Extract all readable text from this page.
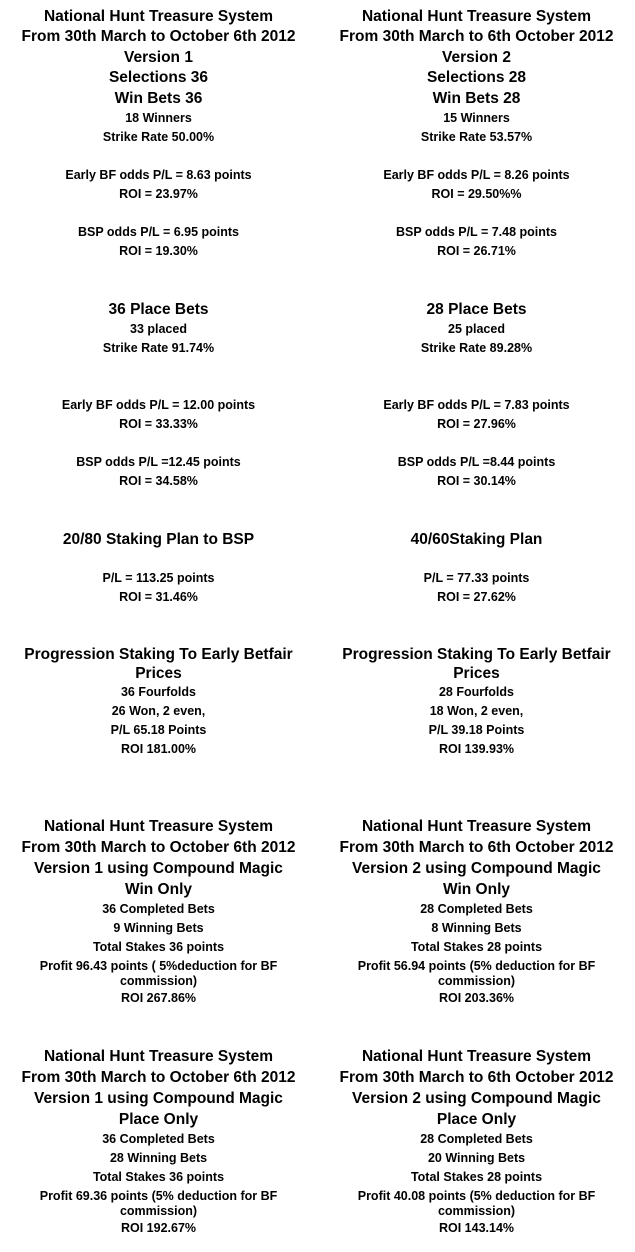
National Hunt Treasure System
From 30th March to October 6th 2012
Version 1
Selections 36
Win Bets 36
18 Winners
Strike Rate 50.00%
Early BF odds P/L = 8.63 points
ROI = 23.97%
BSP odds P/L = 6.95 points
ROI = 19.30%
36 Place Bets
33 placed
Strike Rate 91.74%
Early BF odds P/L = 12.00 points
ROI = 33.33%
BSP odds P/L =12.45 points
ROI = 34.58%
20/80 Staking Plan to BSP
P/L = 113.25 points
ROI = 31.46%
Progression Staking To Early Betfair
Prices
36 Fourfolds
26 Won, 2 even,
P/L 65.18 Points
ROI 181.00%
National Hunt Treasure System
From 30th March to October 6th 2012
Version 1 using Compound Magic
Win Only
36 Completed Bets
9 Winning Bets
Total Stakes 36 points
Profit 96.43 points ( 5%deduction for BF
commission)
ROI 267.86%
National Hunt Treasure System
From 30th March to October 6th 2012
Version 1 using Compound Magic
Place Only
36 Completed Bets
28 Winning Bets
Total Stakes 36 points
Profit 69.36 points (5% deduction for BF
commission)
ROI 192.67%
National Hunt Treasure System
From 30th March to 6th October 2012
Version 2
Selections 28
Win Bets 28
15 Winners
Strike Rate 53.57%
Early BF odds P/L = 8.26 points
ROI = 29.50%%
BSP odds P/L = 7.48 points
ROI = 26.71%
28 Place Bets
25 placed
Strike Rate 89.28%
Early BF odds P/L = 7.83 points
ROI = 27.96%
BSP odds P/L =8.44 points
ROI = 30.14%
40/60Staking Plan
P/L = 77.33 points
ROI = 27.62%
Progression Staking To Early Betfair
Prices
28 Fourfolds
18 Won, 2 even,
P/L 39.18 Points
ROI 139.93%
National Hunt Treasure System
From 30th March to 6th October 2012
Version 2 using Compound Magic
Win Only
28 Completed Bets
8 Winning Bets
Total Stakes 28 points
Profit 56.94 points (5% deduction for BF
commission)
ROI 203.36%
National Hunt Treasure System
From 30th March to 6th October 2012
Version 2 using Compound Magic
Place Only
28 Completed Bets
20 Winning Bets
Total Stakes 28 points
Profit 40.08 points (5% deduction for BF
commission)
ROI 143.14%
